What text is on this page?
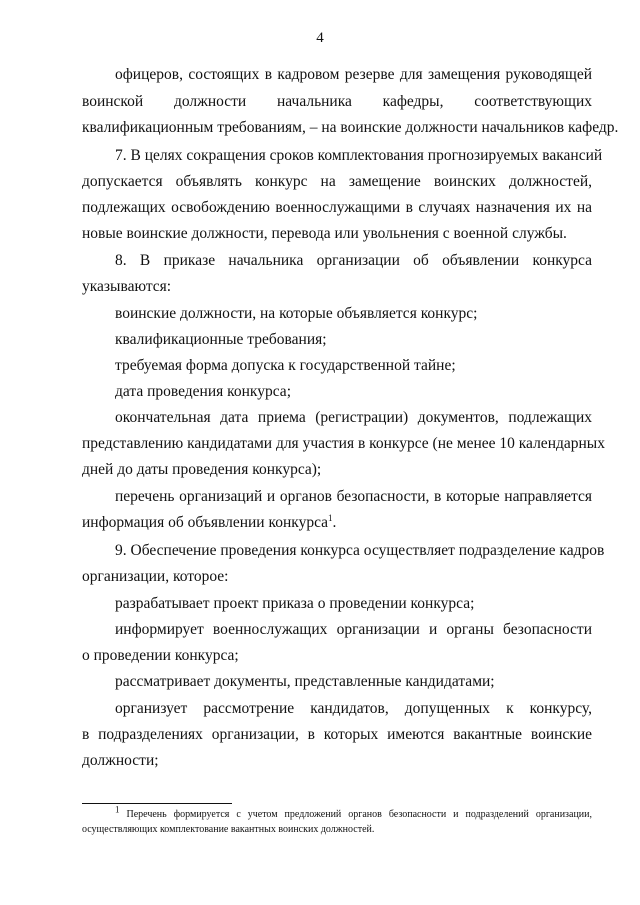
4
офицеров, состоящих в кадровом резерве для замещения руководящей
воинской должности начальника кафедры, соответствующих
квалификационным требованиям, – на воинские должности начальников кафедр.
7. В целях сокращения сроков комплектования прогнозируемых вакансий
допускается объявлять конкурс на замещение воинских должностей,
подлежащих освобождению военнослужащими в случаях назначения их на
новые воинские должности, перевода или увольнения с военной службы.
8. В приказе начальника организации об объявлении конкурса
указываются:
воинские должности, на которые объявляется конкурс;
квалификационные требования;
требуемая форма допуска к государственной тайне;
дата проведения конкурса;
окончательная дата приема (регистрации) документов, подлежащих
представлению кандидатами для участия в конкурсе (не менее 10 календарных
дней до даты проведения конкурса);
перечень организаций и органов безопасности, в которые направляется
информация об объявлении конкурса$^1$.
9. Обеспечение проведения конкурса осуществляет подразделение кадров
организации, которое:
разрабатывает проект приказа о проведении конкурса;
информирует военнослужащих организации и органы безопасности
о проведении конкурса;
рассматривает документы, представленные кандидатами;
организует рассмотрение кандидатов, допущенных к конкурсу,
в подразделениях организации, в которых имеются вакантные воинские
должности;
$^1$ Перечень формируется с учетом предложений органов безопасности и подразделений организации,
осуществляющих комплектование вакантных воинских должностей.
